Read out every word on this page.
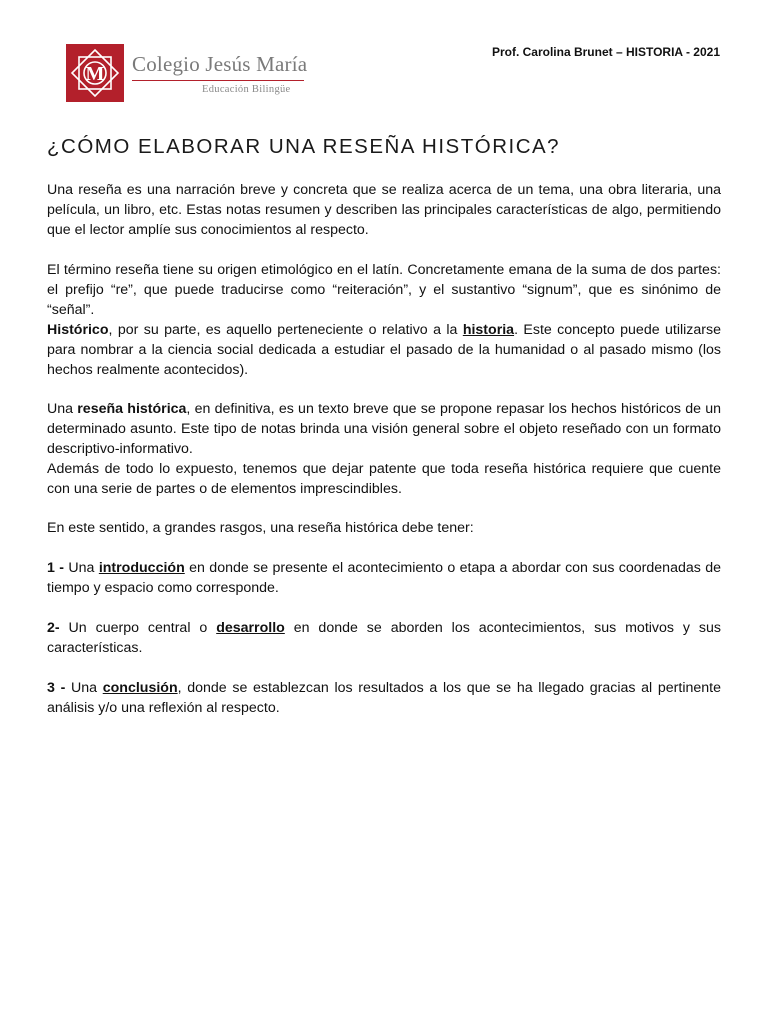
M Colegio Jesús María
Educación Bilingüe
Prof. Carolina Brunet – HISTORIA - 2021
¿CÓMO ELABORAR UNA RESEÑA HISTÓRICA?

Una reseña es una narración breve y concreta que se realiza acerca de un tema, una obra literaria, una película, un libro, etc. Estas notas resumen y describen las principales características de algo, permitiendo que el lector amplíe sus conocimientos al respecto.

El término reseña tiene su origen etimológico en el latín. Concretamente emana de la suma de dos partes: el prefijo “re”, que puede traducirse como “reiteración”, y el sustantivo “signum”, que es sinónimo de “señal”.

Histórico, por su parte, es aquello perteneciente o relativo a la historia. Este concepto puede utilizarse para nombrar a la ciencia social dedicada a estudiar el pasado de la humanidad o al pasado mismo (los hechos realmente acontecidos).

Una reseña histórica, en definitiva, es un texto breve que se propone repasar los hechos históricos de un determinado asunto. Este tipo de notas brinda una visión general sobre el objeto reseñado con un formato descriptivo-informativo.

Además de todo lo expuesto, tenemos que dejar patente que toda reseña histórica requiere que cuente con una serie de partes o de elementos imprescindibles.

En este sentido, a grandes rasgos, una reseña histórica debe tener:

1 - Una introducción en donde se presente el acontecimiento o etapa a abordar con sus coordenadas de tiempo y espacio como corresponde.

2- Un cuerpo central o desarrollo en donde se aborden los acontecimientos, sus motivos y sus características.

3 - Una conclusión, donde se establezcan los resultados a los que se ha llegado gracias al pertinente análisis y/o una reflexión al respecto.
